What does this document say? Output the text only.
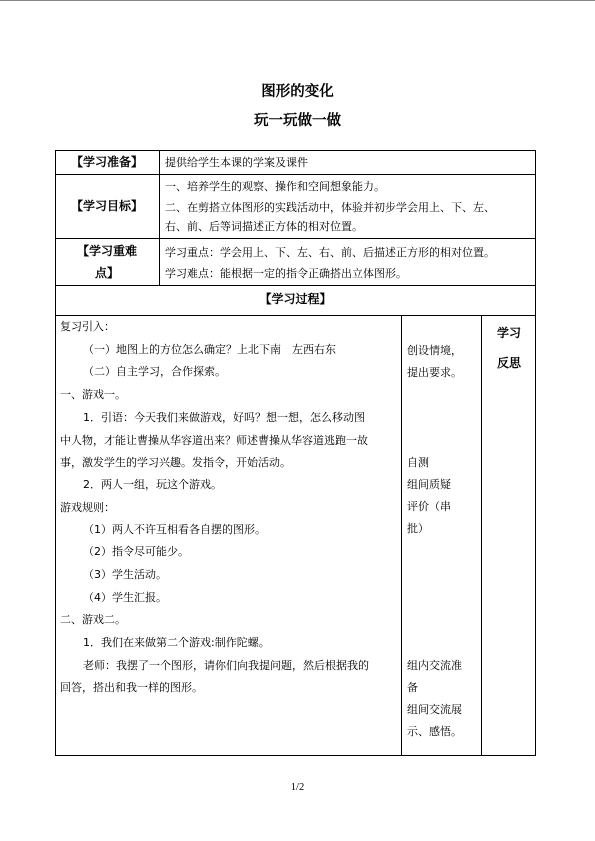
图形的变化
玩一玩做一做
【学习准备】	提供给学生本课的学案及课件
【学习目标】
一、培养学生的观察、操作和空间想象能力。
二、在剪搭立体图形的实践活动中，体验并初步学会用上、下、左、
右、前、后等词描述正方体的相对位置。
【学习重难
点】
学习重点：学会用上、下、左、右、前、后描述正方形的相对位置。
学习难点：能根据一定的指令正确搭出立体图形。
【学习过程】
复习引入：
（一）地图上的方位怎么确定？上北下南　左西右东
（二）自主学习，合作探索。
一、游戏一。
1．引语：今天我们来做游戏，好吗？想一想，怎么移动图
中人物，才能让曹操从华容道出来？师述曹操从华容道逃跑一故
事，激发学生的学习兴趣。发指令，开始活动。
2．两人一组，玩这个游戏。
游戏规则：
（1）两人不许互相看各自摆的图形。
（2）指令尽可能少。
（3）学生活动。
（4）学生汇报。
二、游戏二。
1．我们在来做第二个游戏:制作陀螺。
老师：我摆了一个图形，请你们向我提问题，然后根据我的
回答，搭出和我一样的图形。
创设情境，
提出要求。
自测
组间质疑
评价（串
批）
组内交流准
备
组间交流展
示、感悟。
学习
反思
1/2
